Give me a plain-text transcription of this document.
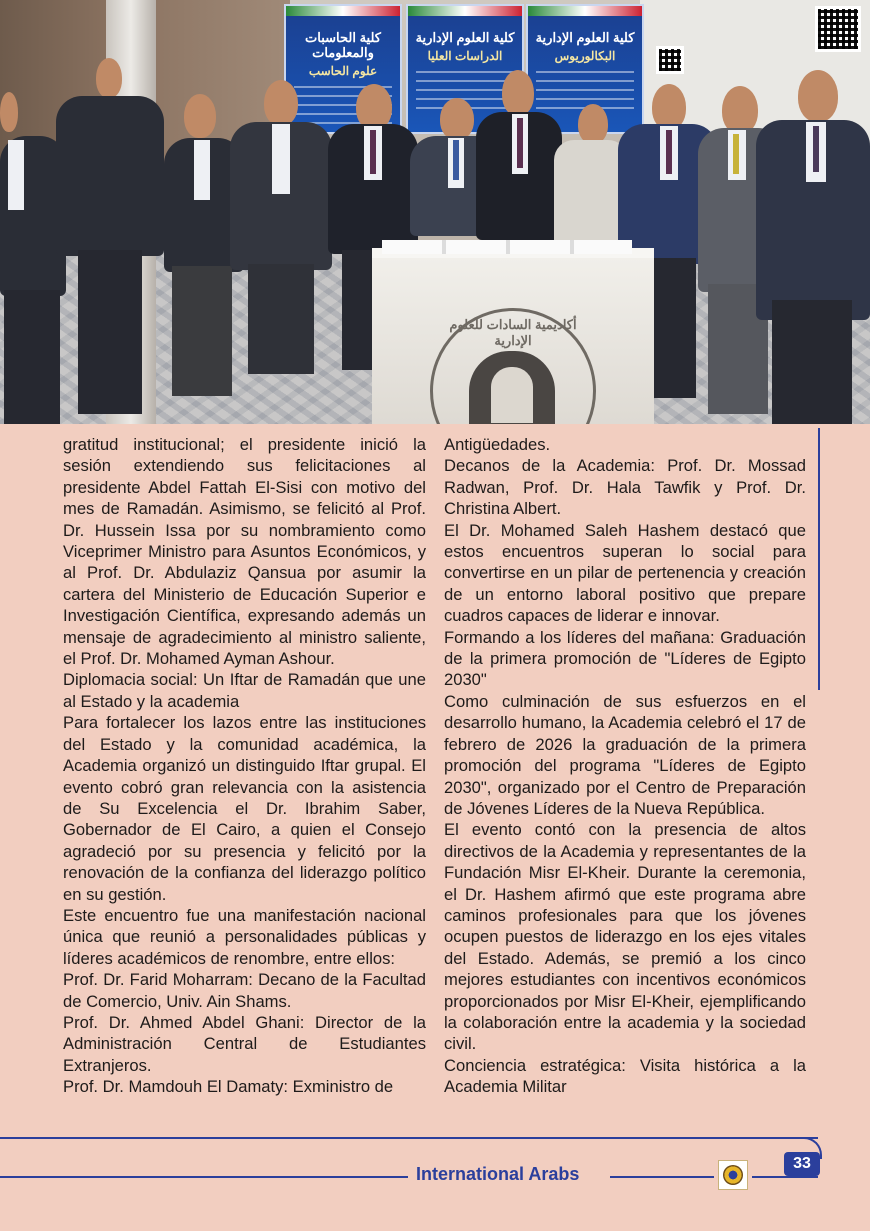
كلية الحاسبات والمعلومات
علوم الحاسب
كلية العلوم الإدارية
الدراسات العليا
كلية العلوم الإدارية
البكالوريوس
أكاديمية السادات للعلوم الإدارية

gratitud institucional; el presidente inició la sesión extendiendo sus felicitaciones al presidente Abdel Fattah El-Sisi con motivo del mes de Ramadán. Asimismo, se felicitó al Prof. Dr. Hussein Issa por su nombramiento como Viceprimer Ministro para Asuntos Económicos, y al Prof. Dr. Abdulaziz Qansua por asumir la cartera del Ministerio de Educación Superior e Investigación Científica, expresando además un mensaje de agradecimiento al ministro saliente, el Prof. Dr. Mohamed Ayman Ashour.

Diplomacia social: Un Iftar de Ramadán que une al Estado y la academia

Para fortalecer los lazos entre las instituciones del Estado y la comunidad académica, la Academia organizó un distinguido Iftar grupal. El evento cobró gran relevancia con la asistencia de Su Excelencia el Dr. Ibrahim Saber, Gobernador de El Cairo, a quien el Consejo agradeció por su presencia y felicitó por la renovación de la confianza del liderazgo político en su gestión.

Este encuentro fue una manifestación nacional única que reunió a personalidades públicas y líderes académicos de renombre, entre ellos:

Prof. Dr. Farid Moharram: Decano de la Facultad de Comercio, Univ. Ain Shams.

Prof. Dr. Ahmed Abdel Ghani: Director de la Administración Central de Estudiantes Extranjeros.

Prof. Dr. Mamdouh El Damaty: Exministro de

Antigüedades.

Decanos de la Academia: Prof. Dr. Mossad Radwan, Prof. Dr. Hala Tawfik y Prof. Dr. Christina Albert.

El Dr. Mohamed Saleh Hashem destacó que estos encuentros superan lo social para convertirse en un pilar de pertenencia y creación de un entorno laboral positivo que prepare cuadros capaces de liderar e innovar.

Formando a los líderes del mañana: Graduación de la primera promoción de "Líderes de Egipto 2030"

Como culminación de sus esfuerzos en el desarrollo humano, la Academia celebró el 17 de febrero de 2026 la graduación de la primera promoción del programa "Líderes de Egipto 2030", organizado por el Centro de Preparación de Jóvenes Líderes de la Nueva República.

El evento contó con la presencia de altos directivos de la Academia y representantes de la Fundación Misr El-Kheir. Durante la ceremonia, el Dr. Hashem afirmó que este programa abre caminos profesionales para que los jóvenes ocupen puestos de liderazgo en los ejes vitales del Estado. Además, se premió a los cinco mejores estudiantes con incentivos económicos proporcionados por Misr El-Kheir, ejemplificando la colaboración entre la academia y la sociedad civil.

Conciencia estratégica: Visita histórica a la Academia Militar

International Arabs
33
